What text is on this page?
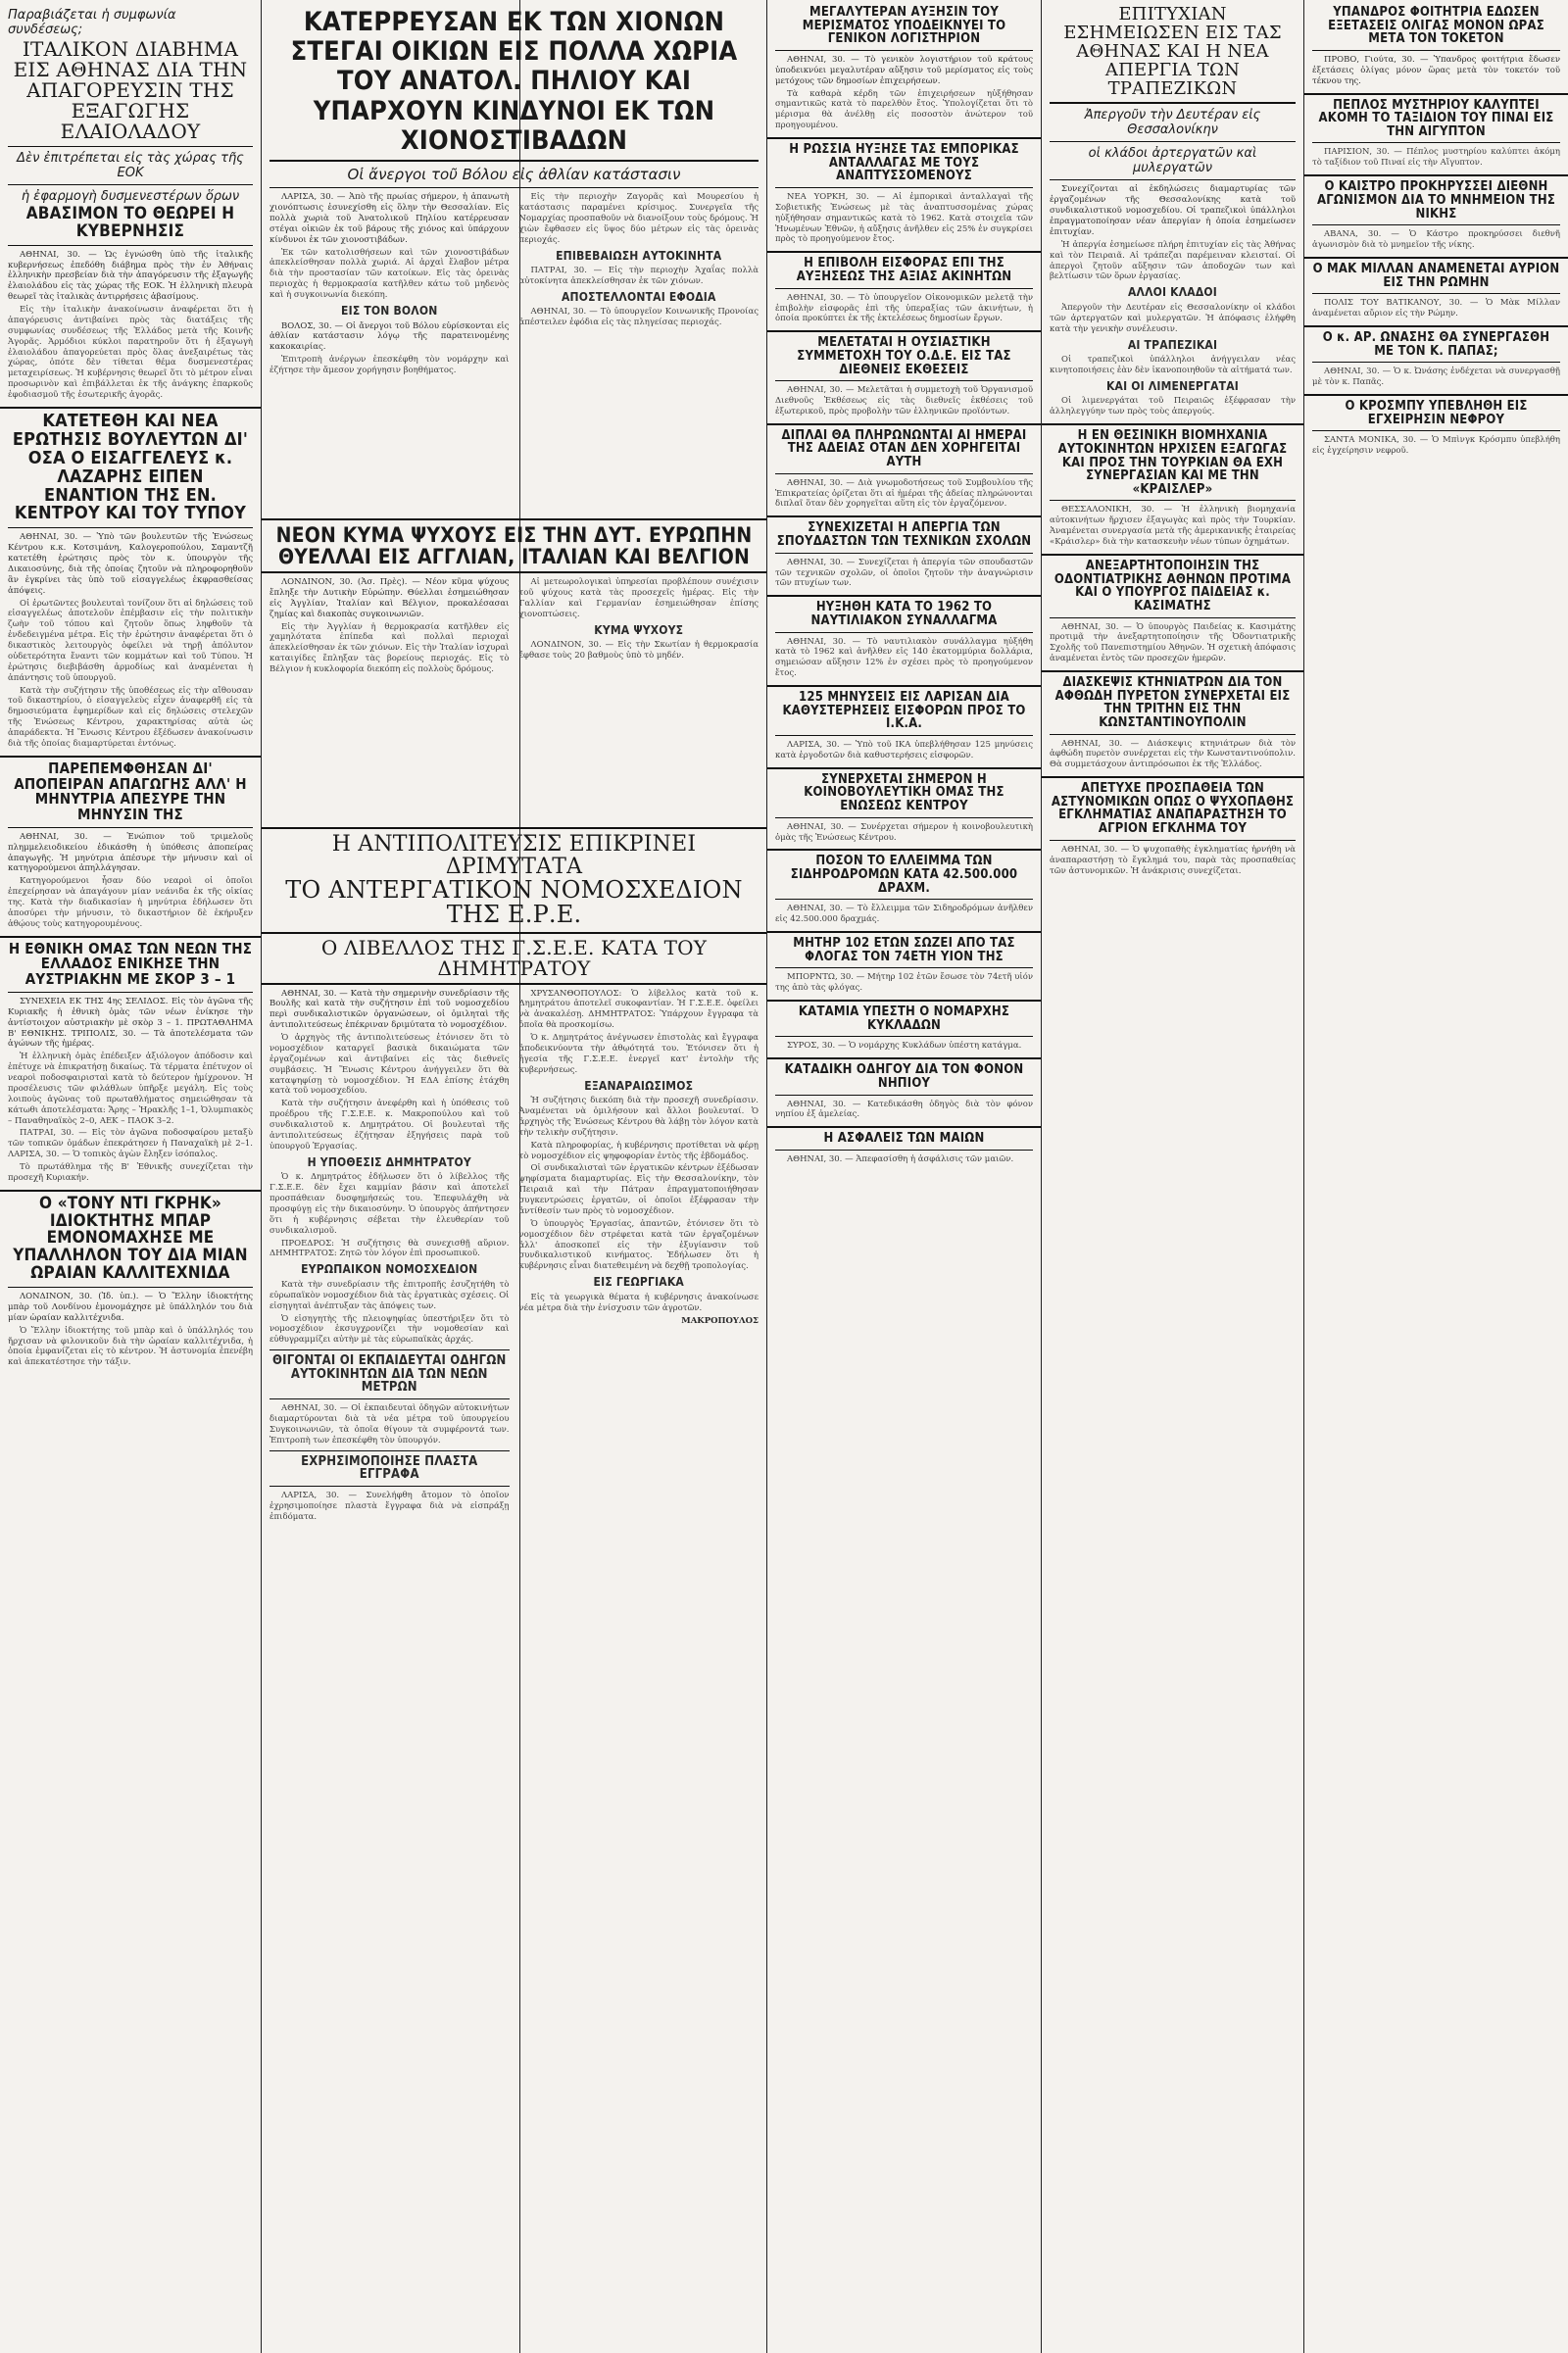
Παραβιάζεται ἡ συμφωνία συνδέσεως;
ΙΤΑΛΙΚΟΝ ΔΙΑΒΗΜΑ ΕΙΣ ΑΘΗΝΑΣ ΔΙΑ ΤΗΝ ΑΠΑΓΟΡΕΥΣΙΝ ΤΗΣ ΕΞΑΓΩΓΗΣ ΕΛΑΙΟΛΑΔΟΥ
Δὲν ἐπιτρέπεται εἰς τὰς χώρας τῆς ΕΟΚ
ἡ ἐφαρμογὴ δυσμενεστέρων ὅρων
ΑΒΑΣΙΜΟΝ ΤΟ ΘΕΩΡΕΙ Η ΚΥΒΕΡΝΗΣΙΣ

ΑΘΗΝΑΙ, 30. — Ὡς ἐγνώσθη ὑπὸ τῆς ἰταλικῆς κυβερνήσεως ἐπεδόθη διάβημα πρὸς τὴν ἐν Ἀθήναις ἑλληνικὴν πρεσβείαν διὰ τὴν ἀπαγόρευσιν τῆς ἐξαγωγῆς ἐλαιολάδου εἰς τὰς χώρας τῆς ΕΟΚ. Ἡ ἑλληνικὴ πλευρὰ θεωρεῖ τὰς ἰταλικὰς ἀντιρρήσεις ἀβασίμους.

Εἰς τὴν ἰταλικὴν ἀνακοίνωσιν ἀναφέρεται ὅτι ἡ ἀπαγόρευσις ἀντιβαίνει πρὸς τὰς διατάξεις τῆς συμφωνίας συνδέσεως τῆς Ἑλλάδος μετὰ τῆς Κοινῆς Ἀγορᾶς. Ἀρμόδιοι κύκλοι παρατηροῦν ὅτι ἡ ἐξαγωγὴ ἐλαιολάδου ἀπαγορεύεται πρὸς ὅλας ἀνεξαιρέτως τὰς χώρας, ὁπότε δὲν τίθεται θέμα δυσμενεστέρας μεταχειρίσεως. Ἡ κυβέρνησις θεωρεῖ ὅτι τὸ μέτρον εἶναι προσωρινὸν καὶ ἐπιβάλλεται ἐκ τῆς ἀνάγκης ἐπαρκοῦς ἐφοδιασμοῦ τῆς ἐσωτερικῆς ἀγορᾶς.

ΚΑΤΕΤΕΘΗ ΚΑΙ ΝΕΑ ΕΡΩΤΗΣΙΣ ΒΟΥΛΕΥΤΩΝ ΔΙ' ΟΣΑ Ο ΕΙΣΑΓΓΕΛΕΥΣ κ. ΛΑΖΑΡΗΣ ΕΙΠΕΝ ΕΝΑΝΤΙΟΝ ΤΗΣ ΕΝ. ΚΕΝΤΡΟΥ ΚΑΙ ΤΟΥ ΤΥΠΟΥ

ΑΘΗΝΑΙ, 30. — Ὑπὸ τῶν βουλευτῶν τῆς Ἑνώσεως Κέντρου κ.κ. Κοτσιμάνη, Καλογερoπούλου, Σαμαντζῆ κατετέθη ἐρώτησις πρὸς τὸν κ. ὑπουργὸν τῆς Δικαιοσύνης, διὰ τῆς ὁποίας ζητοῦν νὰ πληροφορηθοῦν ἂν ἐγκρίνει τὰς ὑπὸ τοῦ εἰσαγγελέως ἐκφρασθείσας ἀπόψεις.

Οἱ ἐρωτῶντες βουλευταὶ τονίζουν ὅτι αἱ δηλώσεις τοῦ εἰσαγγελέως ἀποτελοῦν ἐπέμβασιν εἰς τὴν πολιτικὴν ζωὴν τοῦ τόπου καὶ ζητοῦν ὅπως ληφθοῦν τὰ ἐνδεδειγμένα μέτρα. Εἰς τὴν ἐρώτησιν ἀναφέρεται ὅτι ὁ δικαστικὸς λειτουργὸς ὀφείλει νὰ τηρῇ ἀπόλυτον οὐδετερότητα ἔναντι τῶν κομμάτων καὶ τοῦ Τύπου. Ἡ ἐρώτησις διεβιβάσθη ἀρμοδίως καὶ ἀναμένεται ἡ ἀπάντησις τοῦ ὑπουργοῦ.

Κατὰ τὴν συζήτησιν τῆς ὑποθέσεως εἰς τὴν αἴθουσαν τοῦ δικαστηρίου, ὁ εἰσαγγελεὺς εἶχεν ἀναφερθῆ εἰς τὰ δημοσιεύματα ἐφημερίδων καὶ εἰς δηλώσεις στελεχῶν τῆς Ἑνώσεως Κέντρου, χαρακτηρίσας αὐτὰ ὡς ἀπαράδεκτα. Ἡ Ἕνωσις Κέντρου ἐξέδωσεν ἀνακοίνωσιν διὰ τῆς ὁποίας διαμαρτύρεται ἐντόνως.

ΠΑΡΕΠΕΜΦΘΗΣΑΝ ΔΙ' ΑΠΟΠΕΙΡΑΝ ΑΠΑΓΩΓΗΣ ΑΛΛ' Η ΜΗΝΥΤΡΙΑ ΑΠΕΣΥΡΕ ΤΗΝ ΜΗΝΥΣΙΝ ΤΗΣ

ΑΘΗΝΑΙ, 30. — Ἐνώπιον τοῦ τριμελοῦς πλημμελειοδικείου ἐδικάσθη ἡ ὑπόθεσις ἀποπείρας ἀπαγωγῆς. Ἡ μηνύτρια ἀπέσυρε τὴν μήνυσιν καὶ οἱ κατηγορούμενοι ἀπηλλάγησαν.

Κατηγορούμενοι ἦσαν δύο νεαροὶ οἱ ὁποῖοι ἐπεχείρησαν νὰ ἀπαγάγουν μίαν νεάνιδα ἐκ τῆς οἰκίας της. Κατὰ τὴν διαδικασίαν ἡ μηνύτρια ἐδήλωσεν ὅτι ἀποσύρει τὴν μήνυσιν, τὸ δικαστήριον δὲ ἐκήρυξεν ἀθῴους τοὺς κατηγορουμένους.

Η ΕΘΝΙΚΗ ΟΜΑΣ ΤΩΝ ΝΕΩΝ ΤΗΣ ΕΛΛΑΔΟΣ ΕΝΙΚΗΣΕ ΤΗΝ ΑΥΣΤΡΙΑΚΗΝ ΜΕ ΣΚΟΡ 3 – 1

ΣΥΝΕΧΕΙΑ ΕΚ ΤΗΣ 4ης ΣΕΛΙΔΟΣ. Εἰς τὸν ἀγῶνα τῆς Κυριακῆς ἡ ἐθνικὴ ὁμὰς τῶν νέων ἐνίκησε τὴν ἀντίστοιχον αὐστριακὴν μὲ σκὸρ 3 – 1. ΠΡΩΤΑΘΛΗΜΑ Β' ΕΘΝΙΚΗΣ. ΤΡΙΠΟΛΙΣ, 30. — Τὰ ἀποτελέσματα τῶν ἀγώνων τῆς ἡμέρας.

Ἡ ἑλληνικὴ ὁμὰς ἐπέδειξεν ἀξιόλογον ἀπόδοσιν καὶ ἐπέτυχε νὰ ἐπικρατήσῃ δικαίως. Τὰ τέρματα ἐπέτυχον οἱ νεαροὶ ποδοσφαιρισταὶ κατὰ τὸ δεύτερον ἡμίχρονον. Ἡ προσέλευσις τῶν φιλάθλων ὑπῆρξε μεγάλη. Εἰς τοὺς λοιποὺς ἀγῶνας τοῦ πρωταθλήματος σημειώθησαν τὰ κάτωθι ἀποτελέσματα: Ἄρης – Ἠρακλῆς 1–1, Ὀλυμπιακὸς – Παναθηναϊκὸς 2–0, ΑΕΚ – ΠΑΟΚ 3–2.

ΠΑΤΡΑΙ, 30. — Εἰς τὸν ἀγῶνα ποδοσφαίρου μεταξὺ τῶν τοπικῶν ὁμάδων ἐπεκράτησεν ἡ Παναχαϊκὴ μὲ 2–1. ΛΑΡΙΣΑ, 30. — Ὁ τοπικὸς ἀγὼν ἔληξεν ἰσόπαλος.

Τὸ πρωτάθλημα τῆς Β' Ἐθνικῆς συνεχίζεται τὴν προσεχῆ Κυριακήν.

Ο «ΤΟΝΥ ΝΤΙ ΓΚΡΗΚ» ΙΔΙΟΚΤΗΤΗΣ ΜΠΑΡ ΕΜΟΝΟΜΑΧΗΣΕ ΜΕ ΥΠΑΛΛΗΛΟΝ ΤΟΥ ΔΙΑ ΜΙΑΝ ΩΡΑΙΑΝ ΚΑΛΛΙΤΕΧΝΙΔΑ

ΛΟΝΔΙΝΟΝ, 30. (Ἰδ. ὑπ.). — Ὁ Ἕλλην ἰδιοκτήτης μπὰρ τοῦ Λονδίνου ἐμονομάχησε μὲ ὑπάλληλόν του διὰ μίαν ὡραίαν καλλιτέχνιδα.

Ὁ Ἕλλην ἰδιοκτήτης τοῦ μπὰρ καὶ ὁ ὑπάλληλός του ἤρχισαν νὰ φιλονικοῦν διὰ τὴν ὡραίαν καλλιτέχνιδα, ἡ ὁποία ἐμφανίζεται εἰς τὸ κέντρον. Ἡ ἀστυνομία ἐπενέβη καὶ ἀπεκατέστησε τὴν τάξιν.

ΚΑΤΕΡΡΕΥΣΑΝ ΕΚ ΤΩΝ ΧΙΟΝΩΝ ΣΤΕΓΑΙ ΟΙΚΙΩΝ ΕΙΣ ΠΟΛΛΑ ΧΩΡΙΑ ΤΟΥ ΑΝΑΤΟΛ. ΠΗΛΙΟΥ ΚΑΙ ΥΠΑΡΧΟΥΝ ΚΙΝΔΥΝΟΙ ΕΚ ΤΩΝ ΧΙΟΝΟΣΤΙΒΑΔΩΝ
Οἱ ἄνεργοι τοῦ Βόλου εἰς ἀθλίαν κατάστασιν

ΛΑΡΙΣΑ, 30. — Ἀπὸ τῆς πρωίας σήμερον, ἡ ἀπανωτὴ χιονόπτωσις ἐσυνεχίσθη εἰς ὅλην τὴν Θεσσαλίαν. Εἰς πολλὰ χωριὰ τοῦ Ἀνατολικοῦ Πηλίου κατέρρευσαν στέγαι οἰκιῶν ἐκ τοῦ βάρους τῆς χιόνος καὶ ὑπάρχουν κίνδυνοι ἐκ τῶν χιονοστιβάδων.

Ἐκ τῶν κατολισθήσεων καὶ τῶν χιονοστιβάδων ἀπεκλείσθησαν πολλὰ χωριά. Αἱ ἀρχαὶ ἔλαβον μέτρα διὰ τὴν προστασίαν τῶν κατοίκων. Εἰς τὰς ὀρεινὰς περιοχὰς ἡ θερμοκρασία κατῆλθεν κάτω τοῦ μηδενὸς καὶ ἡ συγκοινωνία διεκόπη.

ΕΙΣ ΤΟΝ ΒΟΛΟΝ

ΒΟΛΟΣ, 30. — Οἱ ἄνεργοι τοῦ Βόλου εὑρίσκονται εἰς ἀθλίαν κατάστασιν λόγῳ τῆς παρατεινομένης κακοκαιρίας.

Ἐπιτροπὴ ἀνέργων ἐπεσκέφθη τὸν νομάρχην καὶ ἐζήτησε τὴν ἄμεσον χορήγησιν βοηθήματος.

Εἰς τὴν περιοχὴν Ζαγορᾶς καὶ Μουρεσίου ἡ κατάστασις παραμένει κρίσιμος. Συνεργεῖα τῆς Νομαρχίας προσπαθοῦν νὰ διανοίξουν τοὺς δρόμους. Ἡ χιὼν ἔφθασεν εἰς ὕψος δύο μέτρων εἰς τὰς ὀρεινὰς περιοχάς.

ΕΠΙΒΕΒΑΙΩΣΗ ΑΥΤΟΚΙΝΗΤΑ

ΠΑΤΡΑΙ, 30. — Εἰς τὴν περιοχὴν Ἀχαΐας πολλὰ αὐτοκίνητα ἀπεκλείσθησαν ἐκ τῶν χιόνων.

ΑΠΟΣΤΕΛΛΟΝΤΑΙ ΕΦΟΔΙΑ

ΑΘΗΝΑΙ, 30. — Τὸ ὑπουργεῖον Κοινωνικῆς Προνοίας ἀπέστειλεν ἐφόδια εἰς τὰς πληγείσας περιοχάς.

ΝΕΟΝ ΚΥΜΑ ΨΥΧΟΥΣ ΕΙΣ ΤΗΝ ΔΥΤ. ΕΥΡΩΠΗΝ ΘΥΕΛΛΑΙ ΕΙΣ ΑΓΓΛΙΑΝ, ΙΤΑΛΙΑΝ ΚΑΙ ΒΕΛΓΙΟΝ

ΛΟΝΔΙΝΟΝ, 30. (Ἀσ. Πρὲς). — Νέον κῦμα ψύχους ἔπληξε τὴν Δυτικὴν Εὐρώπην. Θύελλαι ἐσημειώθησαν εἰς Ἀγγλίαν, Ἰταλίαν καὶ Βέλγιον, προκαλέσασαι ζημίας καὶ διακοπὰς συγκοινωνιῶν.

Εἰς τὴν Ἀγγλίαν ἡ θερμοκρασία κατῆλθεν εἰς χαμηλότατα ἐπίπεδα καὶ πολλαὶ περιοχαὶ ἀπεκλείσθησαν ἐκ τῶν χιόνων. Εἰς τὴν Ἰταλίαν ἰσχυραὶ καταιγίδες ἔπληξαν τὰς βορείους περιοχάς. Εἰς τὸ Βέλγιον ἡ κυκλοφορία διεκόπη εἰς πολλοὺς δρόμους.

Αἱ μετεωρολογικαὶ ὑπηρεσίαι προβλέπουν συνέχισιν τοῦ ψύχους κατὰ τὰς προσεχεῖς ἡμέρας. Εἰς τὴν Γαλλίαν καὶ Γερμανίαν ἐσημειώθησαν ἐπίσης χιονοπτώσεις.

ΚΥΜΑ ΨΥΧΟΥΣ

ΛΟΝΔΙΝΟΝ, 30. — Εἰς τὴν Σκωτίαν ἡ θερμοκρασία ἔφθασε τοὺς 20 βαθμοὺς ὑπὸ τὸ μηδέν.

Η ΑΝΤΙΠΟΛΙΤΕΥΣΙΣ ΕΠΙΚΡΙΝΕΙ ΔΡΙΜΥΤΑΤΑ
ΤΟ ΑΝΤΕΡΓΑΤΙΚΟΝ ΝΟΜΟΣΧΕΔΙΟΝ ΤΗΣ Ε.Ρ.Ε.
Ο ΛΙΒΕΛΛΟΣ ΤΗΣ Γ.Σ.Ε.Ε. ΚΑΤΑ ΤΟΥ ΔΗΜΗΤΡΑΤΟΥ

ΑΘΗΝΑΙ, 30. — Κατὰ τὴν σημερινὴν συνεδρίασιν τῆς Βουλῆς καὶ κατὰ τὴν συζήτησιν ἐπὶ τοῦ νομοσχεδίου περὶ συνδικαλιστικῶν ὀργανώσεων, οἱ ὁμιληταὶ τῆς ἀντιπολιτεύσεως ἐπέκριναν δριμύτατα τὸ νομοσχέδιον.

Ὁ ἀρχηγὸς τῆς ἀντιπολιτεύσεως ἐτόνισεν ὅτι τὸ νομοσχέδιον καταργεῖ βασικὰ δικαιώματα τῶν ἐργαζομένων καὶ ἀντιβαίνει εἰς τὰς διεθνεῖς συμβάσεις. Ἡ Ἕνωσις Κέντρου ἀνήγγειλεν ὅτι θὰ καταψηφίσῃ τὸ νομοσχέδιον. Ἡ ΕΔΑ ἐπίσης ἐτάχθη κατὰ τοῦ νομοσχεδίου.

Κατὰ τὴν συζήτησιν ἀνεφέρθη καὶ ἡ ὑπόθεσις τοῦ προέδρου τῆς Γ.Σ.Ε.Ε. κ. Μακροπούλου καὶ τοῦ συνδικαλιστοῦ κ. Δημητράτου. Οἱ βουλευταὶ τῆς ἀντιπολιτεύσεως ἐζήτησαν ἐξηγήσεις παρὰ τοῦ ὑπουργοῦ Ἐργασίας.

Η ΥΠΟΘΕΣΙΣ ΔΗΜΗΤΡΑΤΟΥ

Ὁ κ. Δημητράτος ἐδήλωσεν ὅτι ὁ λίβελλος τῆς Γ.Σ.Ε.Ε. δὲν ἔχει καμμίαν βάσιν καὶ ἀποτελεῖ προσπάθειαν δυσφημήσεώς του. Ἐπεφυλάχθη νὰ προσφύγῃ εἰς τὴν δικαιοσύνην. Ὁ ὑπουργὸς ἀπήντησεν ὅτι ἡ κυβέρνησις σέβεται τὴν ἐλευθερίαν τοῦ συνδικαλισμοῦ.

ΠΡΟΕΔΡΟΣ: Ἡ συζήτησις θὰ συνεχισθῇ αὔριον. ΔΗΜΗΤΡΑΤΟΣ: Ζητῶ τὸν λόγον ἐπὶ προσωπικοῦ.

ΕΥΡΩΠΑΙΚΟΝ ΝΟΜΟΣΧΕΔΙΟΝ

Κατὰ τὴν συνεδρίασιν τῆς ἐπιτροπῆς ἐσυζητήθη τὸ εὐρωπαϊκὸν νομοσχέδιον διὰ τὰς ἐργατικὰς σχέσεις. Οἱ εἰσηγηταὶ ἀνέπτυξαν τὰς ἀπόψεις των.

Ὁ εἰσηγητὴς τῆς πλειοψηφίας ὑπεστήριξεν ὅτι τὸ νομοσχέδιον ἐκσυγχρονίζει τὴν νομοθεσίαν καὶ εὐθυγραμμίζει αὐτὴν μὲ τὰς εὐρωπαϊκὰς ἀρχάς.

ΘΙΓΟΝΤΑΙ ΟΙ ΕΚΠΑΙΔΕΥΤΑΙ ΟΔΗΓΩΝ ΑΥΤΟΚΙΝΗΤΩΝ ΔΙΑ ΤΩΝ ΝΕΩΝ ΜΕΤΡΩΝ

ΑΘΗΝΑΙ, 30. — Οἱ ἐκπαιδευταὶ ὁδηγῶν αὐτοκινήτων διαμαρτύρονται διὰ τὰ νέα μέτρα τοῦ ὑπουργείου Συγκοινωνιῶν, τὰ ὁποῖα θίγουν τὰ συμφέροντά των. Ἐπιτροπὴ των ἐπεσκέφθη τὸν ὑπουργόν.

ΕΧΡΗΣΙΜΟΠΟΙΗΣΕ ΠΛΑΣΤΑ ΕΓΓΡΑΦΑ

ΛΑΡΙΣΑ, 30. — Συνελήφθη ἄτομον τὸ ὁποῖον ἐχρησιμοποίησε πλαστὰ ἔγγραφα διὰ νὰ εἰσπράξῃ ἐπιδόματα.

ΧΡΥΣΑΝΘΟΠΟΥΛΟΣ: Ὁ λίβελλος κατὰ τοῦ κ. Δημητράτου ἀποτελεῖ συκοφαντίαν. Ἡ Γ.Σ.Ε.Ε. ὀφείλει νὰ ἀνακαλέσῃ. ΔΗΜΗΤΡΑΤΟΣ: Ὑπάρχουν ἔγγραφα τὰ ὁποῖα θὰ προσκομίσω.

Ὁ κ. Δημητράτος ἀνέγνωσεν ἐπιστολὰς καὶ ἔγγραφα ἀποδεικνύοντα τὴν ἀθῳότητά του. Ἐτόνισεν ὅτι ἡ ἡγεσία τῆς Γ.Σ.Ε.Ε. ἐνεργεῖ κατ' ἐντολὴν τῆς κυβερνήσεως.

ΕΞΑΝΑΡΑΙΩΣΙΜΟΣ

Ἡ συζήτησις διεκόπη διὰ τὴν προσεχῆ συνεδρίασιν. Ἀναμένεται νὰ ὁμιλήσουν καὶ ἄλλοι βουλευταί. Ὁ ἀρχηγὸς τῆς Ἑνώσεως Κέντρου θὰ λάβῃ τὸν λόγον κατὰ τὴν τελικὴν συζήτησιν.

Κατὰ πληροφορίας, ἡ κυβέρνησις προτίθεται νὰ φέρῃ τὸ νομοσχέδιον εἰς ψηφοφορίαν ἐντὸς τῆς ἑβδομάδος.

Οἱ συνδικαλισταὶ τῶν ἐργατικῶν κέντρων ἐξέδωσαν ψηφίσματα διαμαρτυρίας. Εἰς τὴν Θεσσαλονίκην, τὸν Πειραιᾶ καὶ τὴν Πάτραν ἐπραγματοποιήθησαν συγκεντρώσεις ἐργατῶν, οἱ ὁποῖοι ἐξέφρασαν τὴν ἀντίθεσίν των πρὸς τὸ νομοσχέδιον.

Ὁ ὑπουργὸς Ἐργασίας, ἀπαντῶν, ἐτόνισεν ὅτι τὸ νομοσχέδιον δὲν στρέφεται κατὰ τῶν ἐργαζομένων ἀλλ' ἀποσκοπεῖ εἰς τὴν ἐξυγίανσιν τοῦ συνδικαλιστικοῦ κινήματος. Ἐδήλωσεν ὅτι ἡ κυβέρνησις εἶναι διατεθειμένη νὰ δεχθῇ τροπολογίας.

ΕΙΣ ΓΕΩΡΓΙΑΚΑ

Εἰς τὰ γεωργικὰ θέματα ἡ κυβέρνησις ἀνακοίνωσε νέα μέτρα διὰ τὴν ἐνίσχυσιν τῶν ἀγροτῶν.

ΜΑΚΡΟΠΟΥΛΟΣ

ΜΕΓΑΛΥΤΕΡΑΝ ΑΥΞΗΣΙΝ ΤΟΥ ΜΕΡΙΣΜΑΤΟΣ ΥΠΟΔΕΙΚΝΥΕΙ ΤΟ ΓΕΝΙΚΟΝ ΛΟΓΙΣΤΗΡΙΟΝ

ΑΘΗΝΑΙ, 30. — Τὸ γενικὸν λογιστήριον τοῦ κράτους ὑποδεικνύει μεγαλυτέραν αὔξησιν τοῦ μερίσματος εἰς τοὺς μετόχους τῶν δημοσίων ἐπιχειρήσεων.

Τὰ καθαρὰ κέρδη τῶν ἐπιχειρήσεων ηὐξήθησαν σημαντικῶς κατὰ τὸ παρελθὸν ἔτος. Ὑπολογίζεται ὅτι τὸ μέρισμα θὰ ἀνέλθῃ εἰς ποσοστὸν ἀνώτερον τοῦ προηγουμένου.

Η ΡΩΣΣΙΑ ΗΥΞΗΣΕ ΤΑΣ ΕΜΠΟΡΙΚΑΣ ΑΝΤΑΛΛΑΓΑΣ ΜΕ ΤΟΥΣ ΑΝΑΠΤΥΣΣΟΜΕΝΟΥΣ

ΝΕΑ ΥΟΡΚΗ, 30. — Αἱ ἐμπορικαὶ ἀνταλλαγαὶ τῆς Σοβιετικῆς Ἑνώσεως μὲ τὰς ἀναπτυσσομένας χώρας ηὐξήθησαν σημαντικῶς κατὰ τὸ 1962. Κατὰ στοιχεῖα τῶν Ἡνωμένων Ἐθνῶν, ἡ αὔξησις ἀνῆλθεν εἰς 25% ἐν συγκρίσει πρὸς τὸ προηγούμενον ἔτος.

Η ΕΠΙΒΟΛΗ ΕΙΣΦΟΡΑΣ ΕΠΙ ΤΗΣ ΑΥΞΗΣΕΩΣ ΤΗΣ ΑΞΙΑΣ ΑΚΙΝΗΤΩΝ

ΑΘΗΝΑΙ, 30. — Τὸ ὑπουργεῖον Οἰκονομικῶν μελετᾷ τὴν ἐπιβολὴν εἰσφορᾶς ἐπὶ τῆς ὑπεραξίας τῶν ἀκινήτων, ἡ ὁποία προκύπτει ἐκ τῆς ἐκτελέσεως δημοσίων ἔργων.

ΜΕΛΕΤΑΤΑΙ Η ΟΥΣΙΑΣΤΙΚΗ ΣΥΜΜΕΤΟΧΗ ΤΟΥ Ο.Δ.Ε. ΕΙΣ ΤΑΣ ΔΙΕΘΝΕΙΣ ΕΚΘΕΣΕΙΣ

ΑΘΗΝΑΙ, 30. — Μελετᾶται ἡ συμμετοχὴ τοῦ Ὀργανισμοῦ Διεθνοῦς Ἐκθέσεως εἰς τὰς διεθνεῖς ἐκθέσεις τοῦ ἐξωτερικοῦ, πρὸς προβολὴν τῶν ἑλληνικῶν προϊόντων.

ΔΙΠΛΑΙ ΘΑ ΠΛΗΡΩΝΩΝΤΑΙ ΑΙ ΗΜΕΡΑΙ ΤΗΣ ΑΔΕΙΑΣ ΟΤΑΝ ΔΕΝ ΧΟΡΗΓΕΙΤΑΙ ΑΥΤΗ

ΑΘΗΝΑΙ, 30. — Διὰ γνωμοδοτήσεως τοῦ Συμβουλίου τῆς Ἐπικρατείας ὁρίζεται ὅτι αἱ ἡμέραι τῆς ἀδείας πληρώνονται διπλαῖ ὅταν δὲν χορηγεῖται αὕτη εἰς τὸν ἐργαζόμενον.

ΣΥΝΕΧΙΖΕΤΑΙ Η ΑΠΕΡΓΙΑ ΤΩΝ ΣΠΟΥΔΑΣΤΩΝ ΤΩΝ ΤΕΧΝΙΚΩΝ ΣΧΟΛΩΝ

ΑΘΗΝΑΙ, 30. — Συνεχίζεται ἡ ἀπεργία τῶν σπουδαστῶν τῶν τεχνικῶν σχολῶν, οἱ ὁποῖοι ζητοῦν τὴν ἀναγνώρισιν τῶν πτυχίων των.

ΗΥΞΗΘΗ ΚΑΤΑ ΤΟ 1962 ΤΟ ΝΑΥΤΙΛΙΑΚΟΝ ΣΥΝΑΛΛΑΓΜΑ

ΑΘΗΝΑΙ, 30. — Τὸ ναυτιλιακὸν συνάλλαγμα ηὐξήθη κατὰ τὸ 1962 καὶ ἀνῆλθεν εἰς 140 ἑκατομμύρια δολλάρια, σημειώσαν αὔξησιν 12% ἐν σχέσει πρὸς τὸ προηγούμενον ἔτος.

125 ΜΗΝΥΣΕΙΣ ΕΙΣ ΛΑΡΙΣΑΝ ΔΙΑ ΚΑΘΥΣΤΕΡΗΣΕΙΣ ΕΙΣΦΟΡΩΝ ΠΡΟΣ ΤΟ Ι.Κ.Α.

ΛΑΡΙΣΑ, 30. — Ὑπὸ τοῦ ΙΚΑ ὑπεβλήθησαν 125 μηνύσεις κατὰ ἐργοδοτῶν διὰ καθυστερήσεις εἰσφορῶν.

ΣΥΝΕΡΧΕΤΑΙ ΣΗΜΕΡΟΝ Η ΚΟΙΝΟΒΟΥΛΕΥΤΙΚΗ ΟΜΑΣ ΤΗΣ ΕΝΩΣΕΩΣ ΚΕΝΤΡΟΥ

ΑΘΗΝΑΙ, 30. — Συνέρχεται σήμερον ἡ κοινοβουλευτικὴ ὁμὰς τῆς Ἑνώσεως Κέντρου.

ΠΟΣΟΝ ΤΟ ΕΛΛΕΙΜΜΑ ΤΩΝ ΣΙΔΗΡΟΔΡΟΜΩΝ ΚΑΤΑ 42.500.000 ΔΡΑΧΜ.

ΑΘΗΝΑΙ, 30. — Τὸ ἔλλειμμα τῶν Σιδηροδρόμων ἀνῆλθεν εἰς 42.500.000 δραχμάς.

ΜΗΤΗΡ 102 ΕΤΩΝ ΣΩΖΕΙ ΑΠΟ ΤΑΣ ΦΛΟΓΑΣ ΤΟΝ 74ΕΤΗ ΥΙΟΝ ΤΗΣ

ΜΠΟΡΝΤΩ, 30. — Μήτηρ 102 ἐτῶν ἔσωσε τὸν 74ετῆ υἱόν της ἀπὸ τὰς φλόγας.

ΚΑΤΑΜΙΑ ΥΠΕΣΤΗ Ο ΝΟΜΑΡΧΗΣ ΚΥΚΛΑΔΩΝ

ΣΥΡΟΣ, 30. — Ὁ νομάρχης Κυκλάδων ὑπέστη κατάγμα.

ΚΑΤΑΔΙΚΗ ΟΔΗΓΟΥ ΔΙΑ ΤΟΝ ΦΟΝΟΝ ΝΗΠΙΟΥ

ΑΘΗΝΑΙ, 30. — Κατεδικάσθη ὁδηγὸς διὰ τὸν φόνον νηπίου ἐξ ἀμελείας.

Η ΑΣΦΑΛΕΙΣ ΤΩΝ ΜΑΙΩΝ

ΑΘΗΝΑΙ, 30. — Ἀπεφασίσθη ἡ ἀσφάλισις τῶν μαιῶν.

ΕΠΙΤΥΧΙΑΝ ΕΣΗΜΕΙΩΣΕΝ ΕΙΣ ΤΑΣ ΑΘΗΝΑΣ ΚΑΙ Η ΝΕΑ ΑΠΕΡΓΙΑ ΤΩΝ ΤΡΑΠΕΖΙΚΩΝ
Ἀπεργοῦν τὴν Δευτέραν εἰς Θεσσαλονίκην
οἱ κλάδοι ἀρτεργατῶν καὶ μυλεργατῶν

Συνεχίζονται αἱ ἐκδηλώσεις διαμαρτυρίας τῶν ἐργαζομένων τῆς Θεσσαλονίκης κατὰ τοῦ συνδικαλιστικοῦ νομοσχεδίου. Οἱ τραπεζικοὶ ὑπάλληλοι ἐπραγματοποίησαν νέαν ἀπεργίαν ἡ ὁποία ἐσημείωσεν ἐπιτυχίαν.

Ἡ ἀπεργία ἐσημείωσε πλήρη ἐπιτυχίαν εἰς τὰς Ἀθήνας καὶ τὸν Πειραιᾶ. Αἱ τράπεζαι παρέμειναν κλεισταί. Οἱ ἀπεργοὶ ζητοῦν αὔξησιν τῶν ἀποδοχῶν των καὶ βελτίωσιν τῶν ὅρων ἐργασίας.

ΑΛΛΟΙ ΚΛΑΔΟΙ

Ἀπεργοῦν τὴν Δευτέραν εἰς Θεσσαλονίκην οἱ κλάδοι τῶν ἀρτεργατῶν καὶ μυλεργατῶν. Ἡ ἀπόφασις ἐλήφθη κατὰ τὴν γενικὴν συνέλευσιν.

ΑΙ ΤΡΑΠΕΖΙΚΑΙ

Οἱ τραπεζικοὶ ὑπάλληλοι ἀνήγγειλαν νέας κινητοποιήσεις ἐὰν δὲν ἱκανοποιηθοῦν τὰ αἰτήματά των.

ΚΑΙ ΟΙ ΛΙΜΕΝΕΡΓΑΤΑΙ

Οἱ λιμενεργάται τοῦ Πειραιῶς ἐξέφρασαν τὴν ἀλληλεγγύην των πρὸς τοὺς ἀπεργούς.

Η ΕΝ ΘΕΣΙΝΙΚΗ ΒΙΟΜΗΧΑΝΙΑ ΑΥΤΟΚΙΝΗΤΩΝ ΗΡΧΙΣΕΝ ΕΞΑΓΩΓΑΣ ΚΑΙ ΠΡΟΣ ΤΗΝ ΤΟΥΡΚΙΑΝ ΘΑ ΕΧΗ ΣΥΝΕΡΓΑΣΙΑΝ ΚΑΙ ΜΕ ΤΗΝ «ΚΡΑΙΣΛΕΡ»

ΘΕΣΣΑΛΟΝΙΚΗ, 30. — Ἡ ἑλληνικὴ βιομηχανία αὐτοκινήτων ἤρχισεν ἐξαγωγὰς καὶ πρὸς τὴν Τουρκίαν. Ἀναμένεται συνεργασία μετὰ τῆς ἀμερικανικῆς ἑταιρείας «Κράισλερ» διὰ τὴν κατασκευὴν νέων τύπων ὀχημάτων.

ΑΝΕΞΑΡΤΗΤΟΠΟΙΗΣΙΝ ΤΗΣ ΟΔΟΝΤΙΑΤΡΙΚΗΣ ΑΘΗΝΩΝ ΠΡΟΤΙΜΑ ΚΑΙ Ο ΥΠΟΥΡΓΟΣ ΠΑΙΔΕΙΑΣ κ. ΚΑΣΙΜΑΤΗΣ

ΑΘΗΝΑΙ, 30. — Ὁ ὑπουργὸς Παιδείας κ. Κασιμάτης προτιμᾷ τὴν ἀνεξαρτητοποίησιν τῆς Ὀδοντιατρικῆς Σχολῆς τοῦ Πανεπιστημίου Ἀθηνῶν. Ἡ σχετικὴ ἀπόφασις ἀναμένεται ἐντὸς τῶν προσεχῶν ἡμερῶν.

ΔΙΑΣΚΕΨΙΣ ΚΤΗΝΙΑΤΡΩΝ ΔΙΑ ΤΟΝ ΑΦΘΩΔΗ ΠΥΡΕΤΟΝ ΣΥΝΕΡΧΕΤΑΙ ΕΙΣ ΤΗΝ ΤΡΙΤΗΝ ΕΙΣ ΤΗΝ ΚΩΝΣΤΑΝΤΙΝΟΥΠΟΛΙΝ

ΑΘΗΝΑΙ, 30. — Διάσκεψις κτηνιάτρων διὰ τὸν ἀφθώδη πυρετὸν συνέρχεται εἰς τὴν Κωνσταντινούπολιν. Θὰ συμμετάσχουν ἀντιπρόσωποι ἐκ τῆς Ἑλλάδος.

ΑΠΕΤΥΧΕ ΠΡΟΣΠΑΘΕΙΑ ΤΩΝ ΑΣΤΥΝΟΜΙΚΩΝ ΟΠΩΣ Ο ΨΥΧΟΠΑΘΗΣ ΕΓΚΛΗΜΑΤΙΑΣ ΑΝΑΠΑΡΑΣΤΗΣΗ ΤΟ ΑΓΡΙΟΝ ΕΓΚΛΗΜΑ ΤΟΥ

ΑΘΗΝΑΙ, 30. — Ὁ ψυχοπαθὴς ἐγκληματίας ἠρνήθη νὰ ἀναπαραστήσῃ τὸ ἔγκλημά του, παρὰ τὰς προσπαθείας τῶν ἀστυνομικῶν. Ἡ ἀνάκρισις συνεχίζεται.

ΥΠΑΝΔΡΟΣ ΦΟΙΤΗΤΡΙΑ ΕΔΩΣΕΝ ΕΞΕΤΑΣΕΙΣ ΟΛΙΓΑΣ ΜΟΝΟΝ ΩΡΑΣ ΜΕΤΑ ΤΟΝ ΤΟΚΕΤΟΝ

ΠΡΟΒΟ, Γιούτα, 30. — Ὑπανδρος φοιτήτρια ἔδωσεν ἐξετάσεις ὀλίγας μόνον ὥρας μετὰ τὸν τοκετόν τοῦ τέκνου της.

ΠΕΠΛΟΣ ΜΥΣΤΗΡΙΟΥ ΚΑΛΥΠΤΕΙ ΑΚΟΜΗ ΤΟ ΤΑΞΙΔΙΟΝ ΤΟΥ ΠΙΝΑΙ ΕΙΣ ΤΗΝ ΑΙΓΥΠΤΟΝ

ΠΑΡΙΣΙΟΝ, 30. — Πέπλος μυστηρίου καλύπτει ἀκόμη τὸ ταξίδιον τοῦ Πιναί εἰς τὴν Αἴγυπτον.

Ο ΚΑΙΣΤΡΟ ΠΡΟΚΗΡΥΣΣΕΙ ΔΙΕΘΝΗ ΑΓΩΝΙΣΜΟΝ ΔΙΑ ΤΟ ΜΝΗΜΕΙΟΝ ΤΗΣ ΝΙΚΗΣ

ΑΒΑΝΑ, 30. — Ὁ Κάστρο προκηρύσσει διεθνῆ ἀγωνισμὸν διὰ τὸ μνημεῖον τῆς νίκης.

Ο ΜΑΚ ΜΙΛΛΑΝ ΑΝΑΜΕΝΕΤΑΙ ΑΥΡΙΟΝ ΕΙΣ ΤΗΝ ΡΩΜΗΝ

ΠΟΛΙΣ ΤΟΥ ΒΑΤΙΚΑΝΟΥ, 30. — Ὁ Μὰκ Μίλλαν ἀναμένεται αὔριον εἰς τὴν Ρώμην.

Ο κ. ΑΡ. ΩΝΑΣΗΣ ΘΑ ΣΥΝΕΡΓΑΣΘΗ ΜΕ ΤΟΝ Κ. ΠΑΠΑΣ;

ΑΘΗΝΑΙ, 30. — Ὁ κ. Ὠνάσης ἐνδέχεται νὰ συνεργασθῇ μὲ τὸν κ. Παπᾶς.

Ο ΚΡΟΣΜΠΥ ΥΠΕΒΛΗΘΗ ΕΙΣ ΕΓΧΕΙΡΗΣΙΝ ΝΕΦΡΟΥ

ΣΑΝΤΑ ΜΟΝΙΚΑ, 30. — Ὁ Μπὶνγκ Κρόσμπυ ὑπεβλήθη εἰς ἐγχείρησιν νεφροῦ.
